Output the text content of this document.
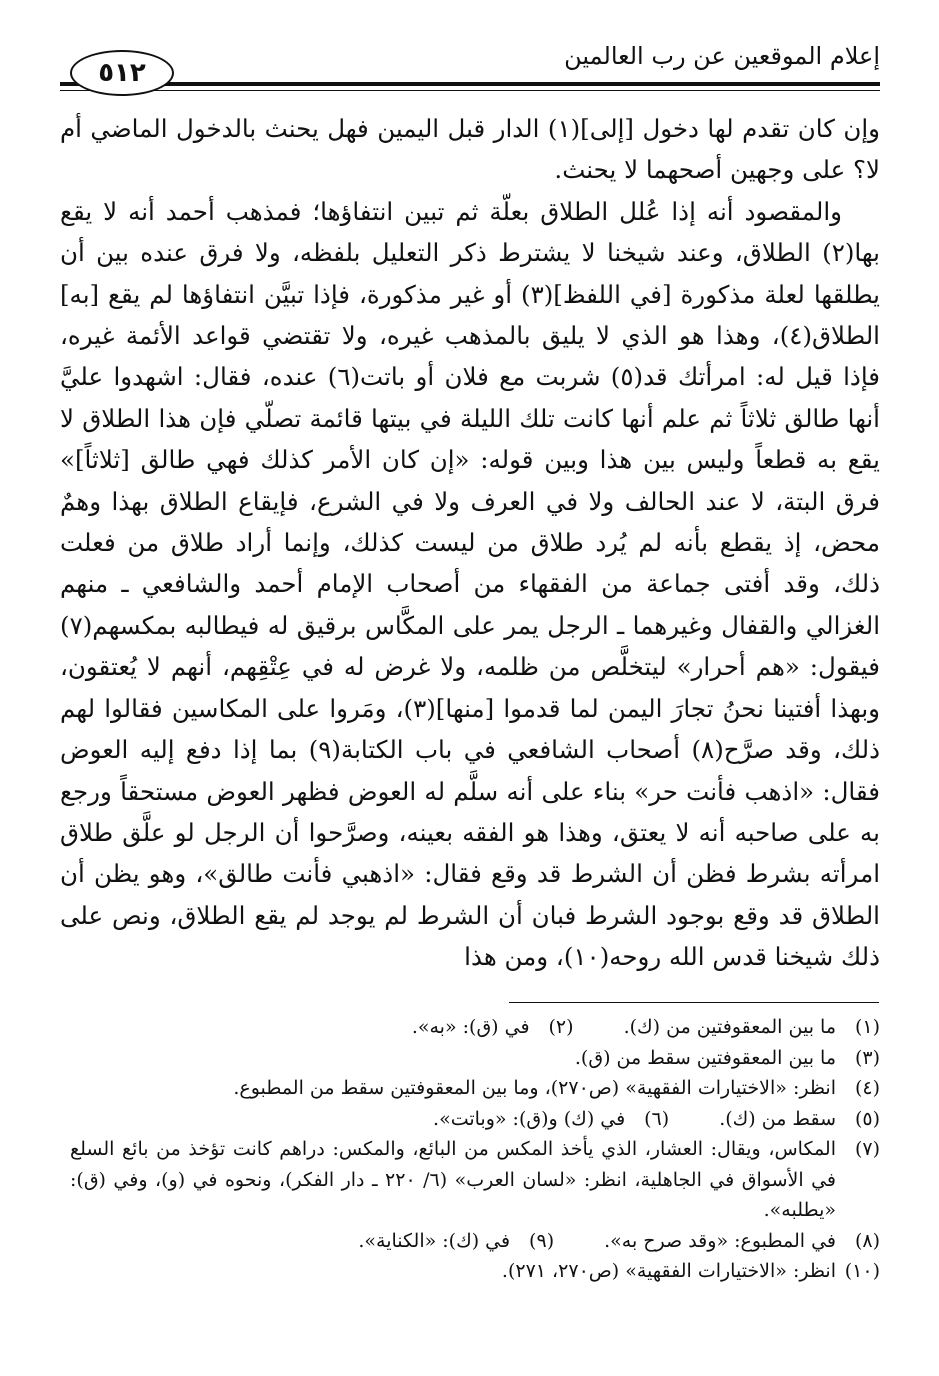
إعلام الموقعين عن رب العالمين
٥١٢

وإن كان تقدم لها دخول [إلى](١) الدار قبل اليمين فهل يحنث بالدخول الماضي أم لا؟ على وجهين أصحهما لا يحنث.

والمقصود أنه إذا عُلل الطلاق بعلّة ثم تبين انتفاؤها؛ فمذهب أحمد أنه لا يقع بها(٢) الطلاق، وعند شيخنا لا يشترط ذكر التعليل بلفظه، ولا فرق عنده بين أن يطلقها لعلة مذكورة [في اللفظ](٣) أو غير مذكورة، فإذا تبيَّن انتفاؤها لم يقع [به] الطلاق(٤)، وهذا هو الذي لا يليق بالمذهب غيره، ولا تقتضي قواعد الأئمة غيره، فإذا قيل له: امرأتك قد(٥) شربت مع فلان أو باتت(٦) عنده، فقال: اشهدوا عليَّ أنها طالق ثلاثاً ثم علم أنها كانت تلك الليلة في بيتها قائمة تصلّي فإن هذا الطلاق لا يقع به قطعاً وليس بين هذا وبين قوله: «إن كان الأمر كذلك فهي طالق [ثلاثاً]» فرق البتة، لا عند الحالف ولا في العرف ولا في الشرع، فإيقاع الطلاق بهذا وهمٌ محض، إذ يقطع بأنه لم يُرد طلاق من ليست كذلك، وإنما أراد طلاق من فعلت ذلك، وقد أفتى جماعة من الفقهاء من أصحاب الإمام أحمد والشافعي ـ منهم الغزالي والقفال وغيرهما ـ الرجل يمر على المكَّاس برقيق له فيطالبه بمكسهم(٧) فيقول: «هم أحرار» ليتخلَّص من ظلمه، ولا غرض له في عِتْقِهم، أنهم لا يُعتقون، وبهذا أفتينا نحنُ تجارَ اليمن لما قدموا [منها](٣)، ومَروا على المكاسين فقالوا لهم ذلك، وقد صرَّح(٨) أصحاب الشافعي في باب الكتابة(٩) بما إذا دفع إليه العوض فقال: «اذهب فأنت حر» بناء على أنه سلَّم له العوض فظهر العوض مستحقاً ورجع به على صاحبه أنه لا يعتق، وهذا هو الفقه بعينه، وصرَّحوا أن الرجل لو علَّق طلاق امرأته بشرط فظن أن الشرط قد وقع فقال: «اذهبي فأنت طالق»، وهو يظن أن الطلاق قد وقع بوجود الشرط فبان أن الشرط لم يوجد لم يقع الطلاق، ونص على ذلك شيخنا قدس الله روحه(١٠)، ومن هذا

(١)
ما بين المعقوفتين من (ك).
(٢)
في (ق): «به».
(٣)
ما بين المعقوفتين سقط من (ق).
(٤)
انظر: «الاختيارات الفقهية» (ص٢٧٠)، وما بين المعقوفتين سقط من المطبوع.
(٥)
سقط من (ك).
(٦)
في (ك) و(ق): «وباتت».
(٧)
المكاس، ويقال: العشار، الذي يأخذ المكس من البائع، والمكس: دراهم كانت تؤخذ من بائع السلع في الأسواق في الجاهلية، انظر: «لسان العرب» (٦/ ٢٢٠ ـ دار الفكر)، ونحوه في (و)، وفي (ق): «يطلبه».
(٨)
في المطبوع: «وقد صرح به».
(٩)
في (ك): «الكناية».
(١٠)
انظر: «الاختيارات الفقهية» (ص٢٧٠، ٢٧١).
